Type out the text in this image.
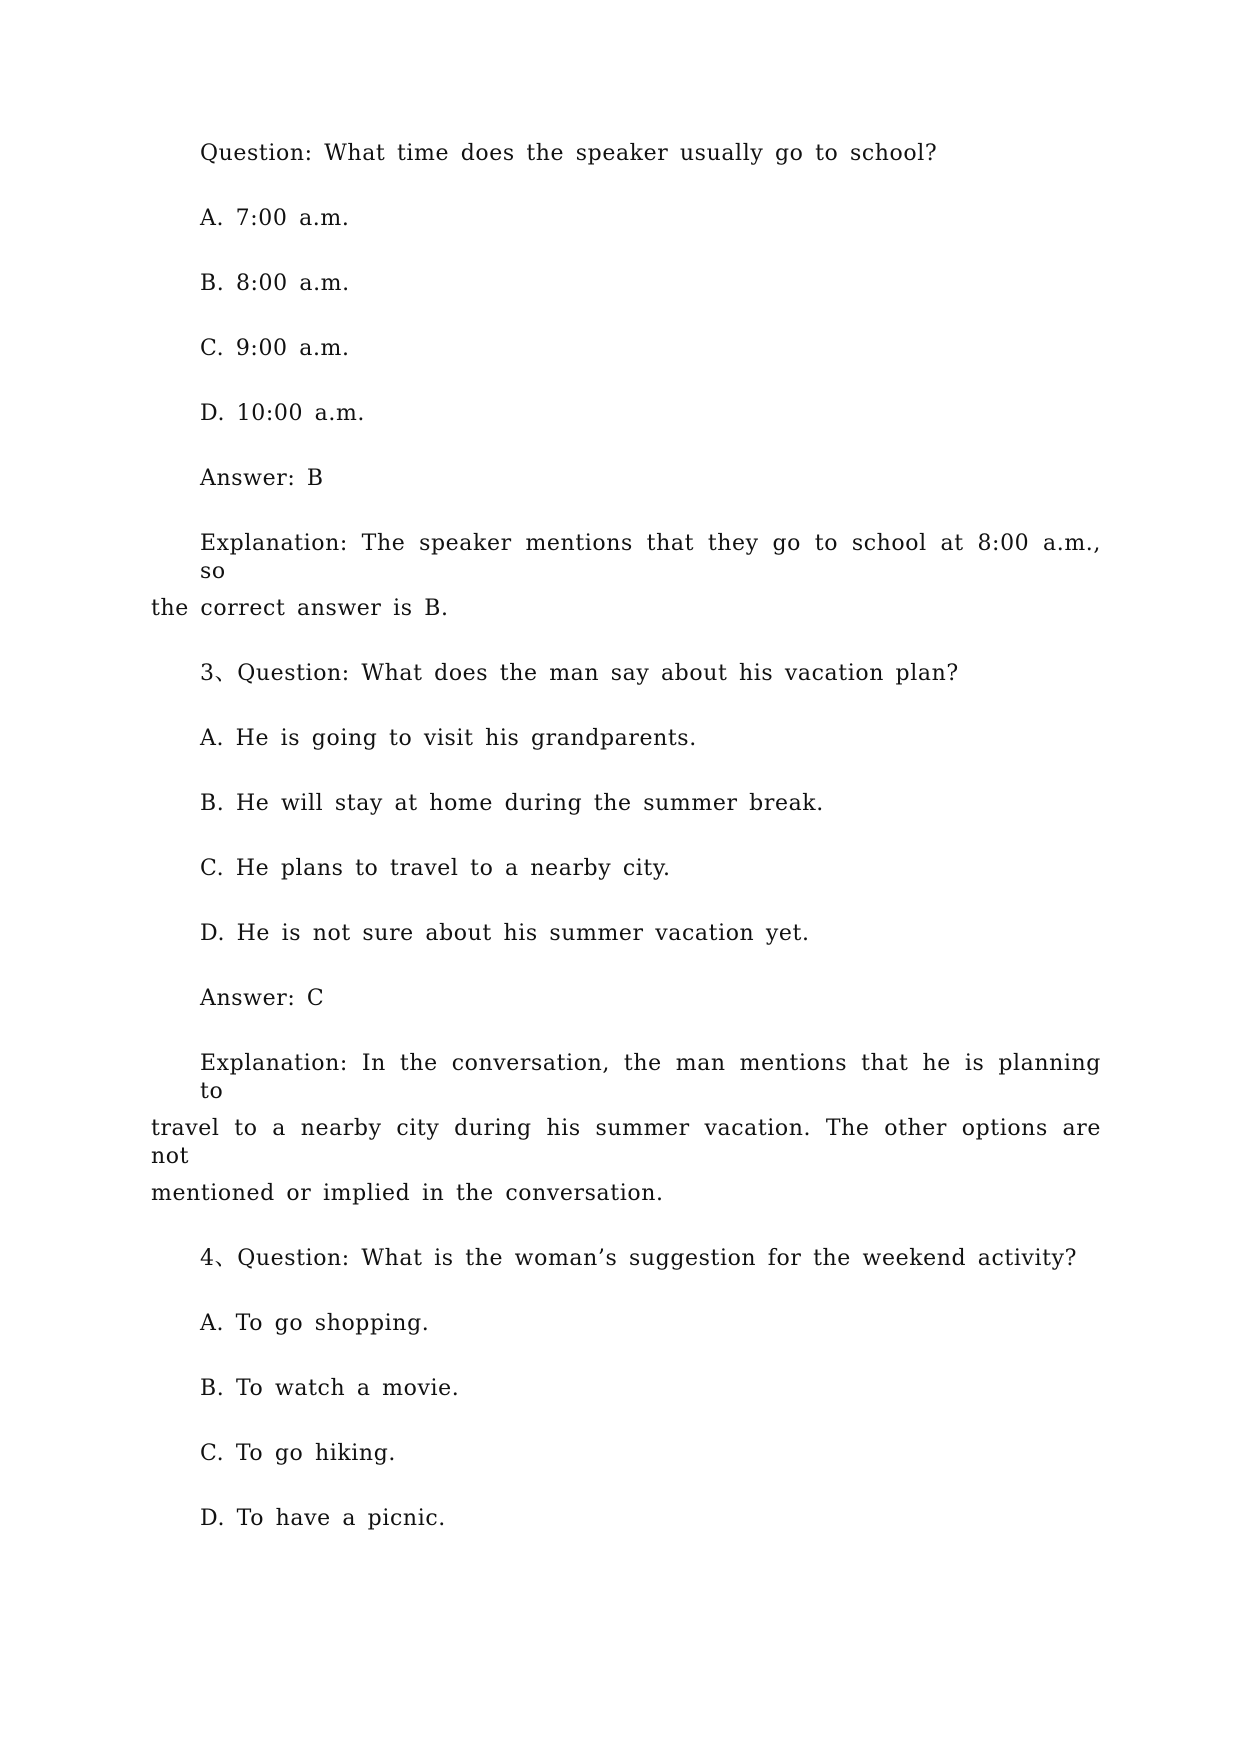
Question: What time does the speaker usually go to school?
A. 7:00 a.m.
B. 8:00 a.m.
C. 9:00 a.m.
D. 10:00 a.m.
Answer: B
Explanation: The speaker mentions that they go to school at 8:00 a.m., so
the correct answer is B.
3、Question: What does the man say about his vacation plan?
A. He is going to visit his grandparents.
B. He will stay at home during the summer break.
C. He plans to travel to a nearby city.
D. He is not sure about his summer vacation yet.
Answer: C
Explanation: In the conversation, the man mentions that he is planning to
travel to a nearby city during his summer vacation. The other options are not
mentioned or implied in the conversation.
4、Question: What is the woman’s suggestion for the weekend activity?
A. To go shopping.
B. To watch a movie.
C. To go hiking.
D. To have a picnic.
